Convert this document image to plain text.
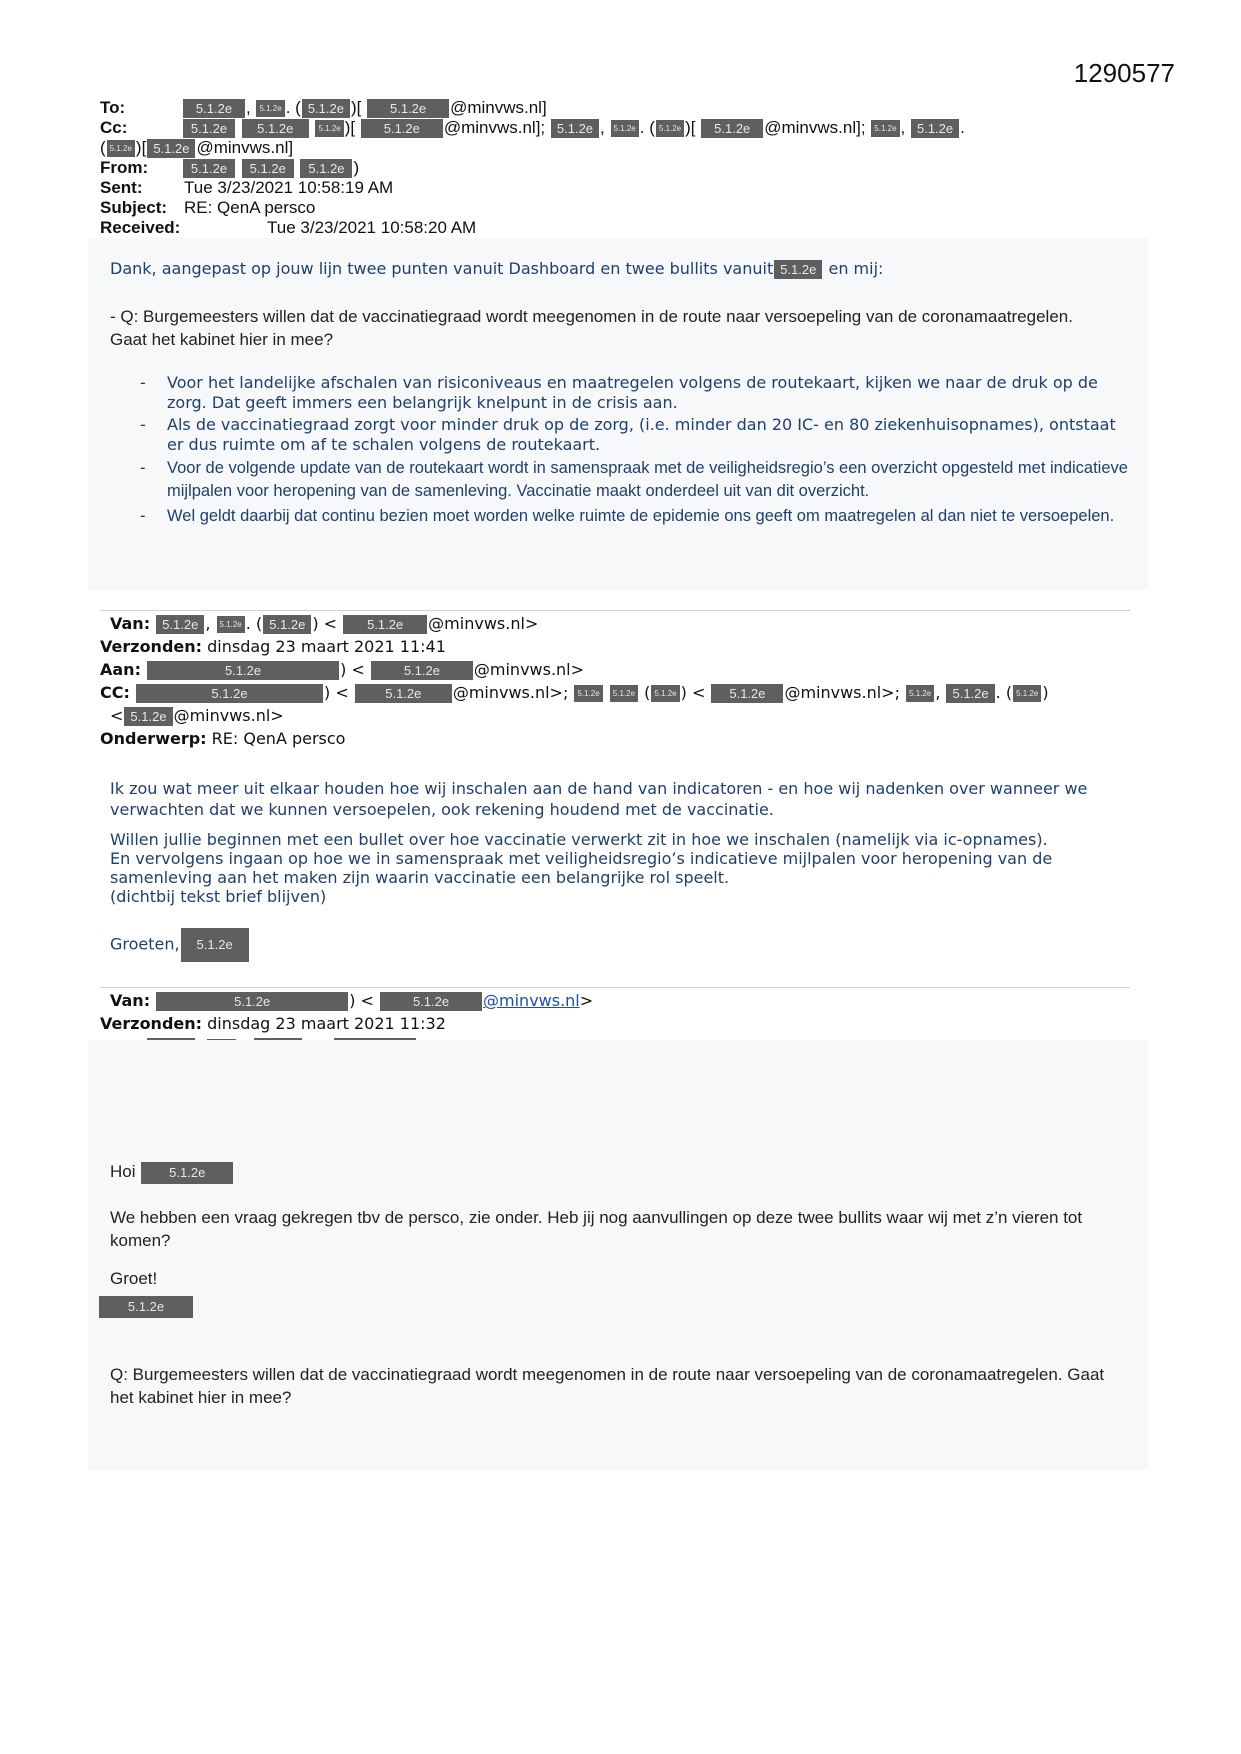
1290577
To:	5.1.2e , 5.1.2e . ( 5.1.2e )[ 5.1.2e @minvws.nl]
Cc:	5.1.2e 5.1.2e	5.1.2e )[ 5.1.2e @minvws.nl]; 5.1.2e , 5.1.2e . ( 5.1.2e )[ 5.1.2e @minvws.nl]; 5.1.2e , 5.1.2e .
( 5.1.2e )[ 5.1.2e @minvws.nl]
From:	5.1.2e 5.1.2e 5.1.2e )
Sent: Tue 3/23/2021 10:58:19 AM
Subject: RE: QenA persco
Received:	Tue 3/23/2021 10:58:20 AM
Dank, aangepast op jouw lijn twee punten vanuit Dashboard en twee bullits vanuit 5.1.2e en mij:
- Q: Burgemeesters willen dat de vaccinatiegraad wordt meegenomen in de route naar versoepeling van de coronamaatregelen. Gaat het kabinet hier in mee?
- Voor het landelijke afschalen van risiconiveaus en maatregelen volgens de routekaart, kijken we naar de druk op de zorg. Dat geeft immers een belangrijk knelpunt in de crisis aan.
- Als de vaccinatiegraad zorgt voor minder druk op de zorg, (i.e. minder dan 20 IC- en 80 ziekenhuisopnames), ontstaat er dus ruimte om af te schalen volgens de routekaart.
- Voor de volgende update van de routekaart wordt in samenspraak met de veiligheidsregio’s een overzicht opgesteld met indicatieve mijlpalen voor heropening van de samenleving. Vaccinatie maakt onderdeel uit van dit overzicht.
- Wel geldt daarbij dat continu bezien moet worden welke ruimte de epidemie ons geeft om maatregelen al dan niet te versoepelen.
Van: 5.1.2e , 5.1.2e . ( 5.1.2e ) < 5.1.2e @minvws.nl>
Verzonden: dinsdag 23 maart 2021 11:41
Aan:	5.1.2e	) <	5.1.2e @minvws.nl>
CC:	5.1.2e	) < 5.1.2e @minvws.nl>; 5.1.2e 5.1.2e ( 5.1.2e ) < 5.1.2e @minvws.nl>; 5.1.2e , 5.1.2e . ( 5.1.2e )
< 5.1.2e @minvws.nl>
Onderwerp: RE: QenA persco
Ik zou wat meer uit elkaar houden hoe wij inschalen aan de hand van indicatoren - en hoe wij nadenken over wanneer we verwachten dat we kunnen versoepelen, ook rekening houdend met de vaccinatie.
Willen jullie beginnen met een bullet over hoe vaccinatie verwerkt zit in hoe we inschalen (namelijk via ic-opnames).
En vervolgens ingaan op hoe we in samenspraak met veiligheidsregio’s indicatieve mijlpalen voor heropening van de samenleving aan het maken zijn waarin vaccinatie een belangrijke rol speelt.
(dichtbij tekst brief blijven)
Groeten, 5.1.2e
Van:	5.1.2e	) <	5.1.2e @minvws.nl>
Verzonden: dinsdag 23 maart 2021 11:32

Hoi	5.1.2e
We hebben een vraag gekregen tbv de persco, zie onder. Heb jij nog aanvullingen op deze twee bullits waar wij met z’n vieren tot komen?
Groet!
5.1.2e
Q: Burgemeesters willen dat de vaccinatiegraad wordt meegenomen in de route naar versoepeling van de coronamaatregelen. Gaat het kabinet hier in mee?
